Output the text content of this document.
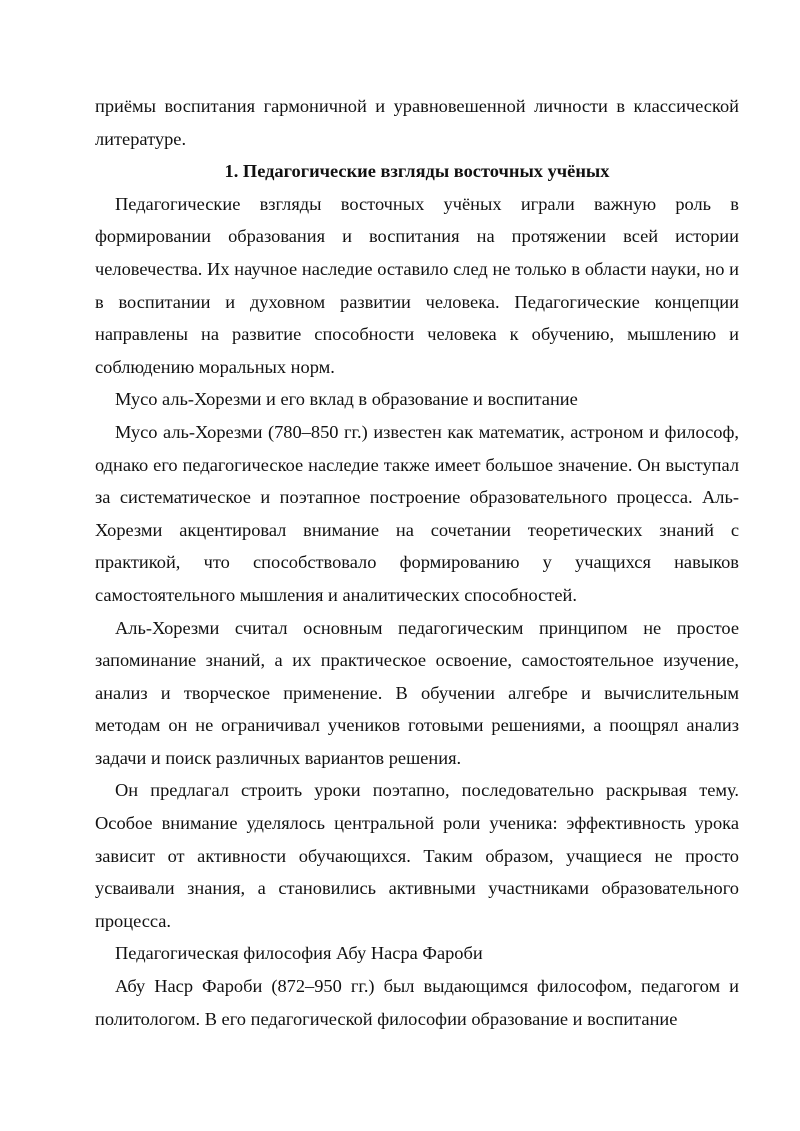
приёмы воспитания гармоничной и уравновешенной личности в классической литературе.

1. Педагогические взгляды восточных учёных

Педагогические взгляды восточных учёных играли важную роль в формировании образования и воспитания на протяжении всей истории человечества. Их научное наследие оставило след не только в области науки, но и в воспитании и духовном развитии человека. Педагогические концепции направлены на развитие способности человека к обучению, мышлению и соблюдению моральных норм.

Мусо аль-Хорезми и его вклад в образование и воспитание

Мусо аль-Хорезми (780–850 гг.) известен как математик, астроном и философ, однако его педагогическое наследие также имеет большое значение. Он выступал за систематическое и поэтапное построение образовательного процесса. Аль-Хорезми акцентировал внимание на сочетании теоретических знаний с практикой, что способствовало формированию у учащихся навыков самостоятельного мышления и аналитических способностей.

Аль-Хорезми считал основным педагогическим принципом не простое запоминание знаний, а их практическое освоение, самостоятельное изучение, анализ и творческое применение. В обучении алгебре и вычислительным методам он не ограничивал учеников готовыми решениями, а поощрял анализ задачи и поиск различных вариантов решения.

Он предлагал строить уроки поэтапно, последовательно раскрывая тему. Особое внимание уделялось центральной роли ученика: эффективность урока зависит от активности обучающихся. Таким образом, учащиеся не просто усваивали знания, а становились активными участниками образовательного процесса.

Педагогическая философия Абу Насра Фароби

Абу Наср Фароби (872–950 гг.) был выдающимся философом, педагогом и политологом. В его педагогической философии образование и воспитание
